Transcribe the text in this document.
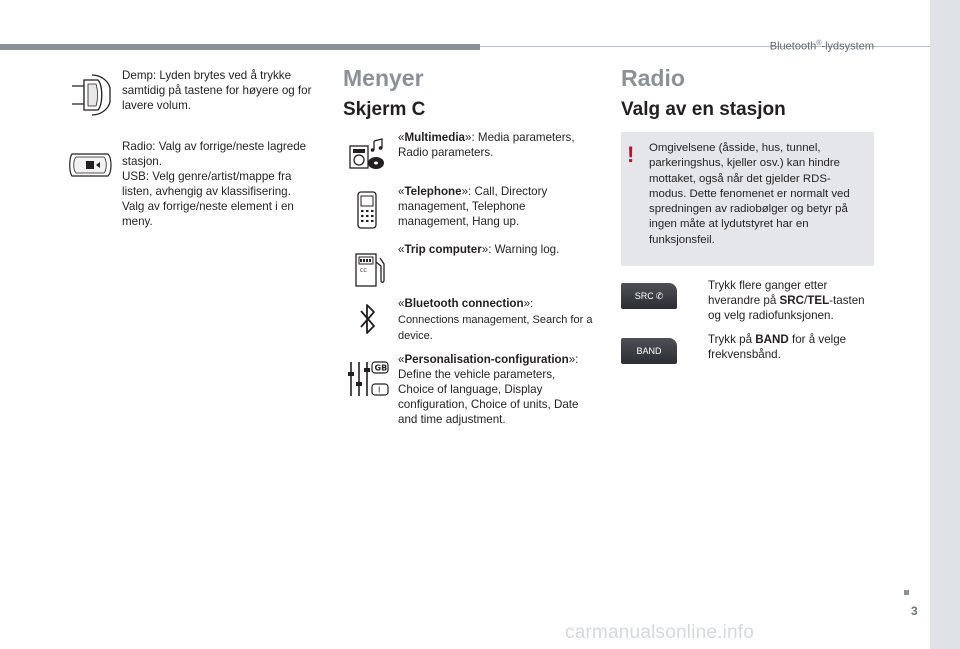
Bluetooth®-lydsystem
3
carmanualsonline.info

Demp: Lyden brytes ved å trykke samtidig på tastene for høyere og for lavere volum.

Radio: Valg av forrige/neste lagrede stasjon.

USB: Velg genre/artist/mappe fra listen, avhengig av klassifisering.

Valg av forrige/neste element i en meny.

Menyer
Skjerm C

«Multimedia»: Media parameters, Radio parameters.

«Telephone»: Call, Directory management, Telephone management, Hang up.

CC

«Trip computer»: Warning log.

«Bluetooth connection»: Connections management, Search for a device.

GB
I

«Personalisation-configuration»: Define the vehicle parameters, Choice of language, Display configuration, Choice of units, Date and time adjustment.

Radio
Valg av en stasjon
! Omgivelsene (åsside, hus, tunnel, parkeringshus, kjeller osv.) kan hindre mottaket, også når det gjelder RDS-modus. Dette fenomenet er normalt ved spredningen av radiobølger og betyr på ingen måte at lydutstyret har en funksjonsfeil.
SRC ✆

Trykk flere ganger etter hverandre på SRC/TEL-tasten og velg radiofunksjonen.

BAND

Trykk på BAND for å velge frekvensbånd.
